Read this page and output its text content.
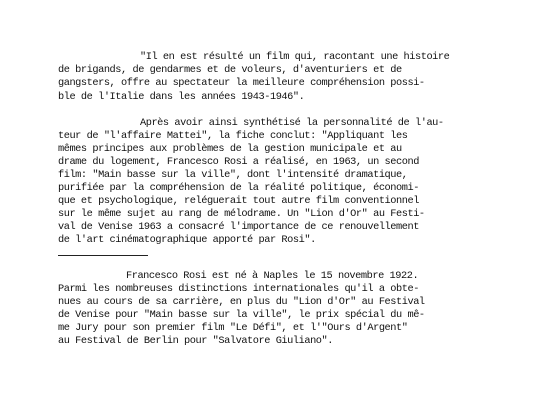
"Il en est résulté un film qui, racontant une histoire
de brigands, de gendarmes et de voleurs, d'aventuriers et de
gangsters, offre au spectateur la meilleure compréhension possi-
ble de l'Italie dans les années 1943-1946".
Après avoir ainsi synthétisé la personnalité de l'au-
teur de "l'affaire Mattei", la fiche conclut: "Appliquant les
mêmes principes aux problèmes de la gestion municipale et au
drame du logement, Francesco Rosi a réalisé, en 1963, un second
film: "Main basse sur la ville", dont l'intensité dramatique,
purifiée par la compréhension de la réalité politique, économi-
que et psychologique, reléguerait tout autre film conventionnel
sur le même sujet au rang de mélodrame. Un "Lion d'Or" au Festi-
val de Venise 1963 a consacré l'importance de ce renouvellement
de l'art cinématographique apporté par Rosi".
Francesco Rosi est né à Naples le 15 novembre 1922.
Parmi les nombreuses distinctions internationales qu'il a obte-
nues au cours de sa carrière, en plus du "Lion d'Or" au Festival
de Venise pour "Main basse sur la ville", le prix spécial du mê-
me Jury pour son premier film "Le Défi", et l'"Ours d'Argent"
au Festival de Berlin pour "Salvatore Giuliano".
